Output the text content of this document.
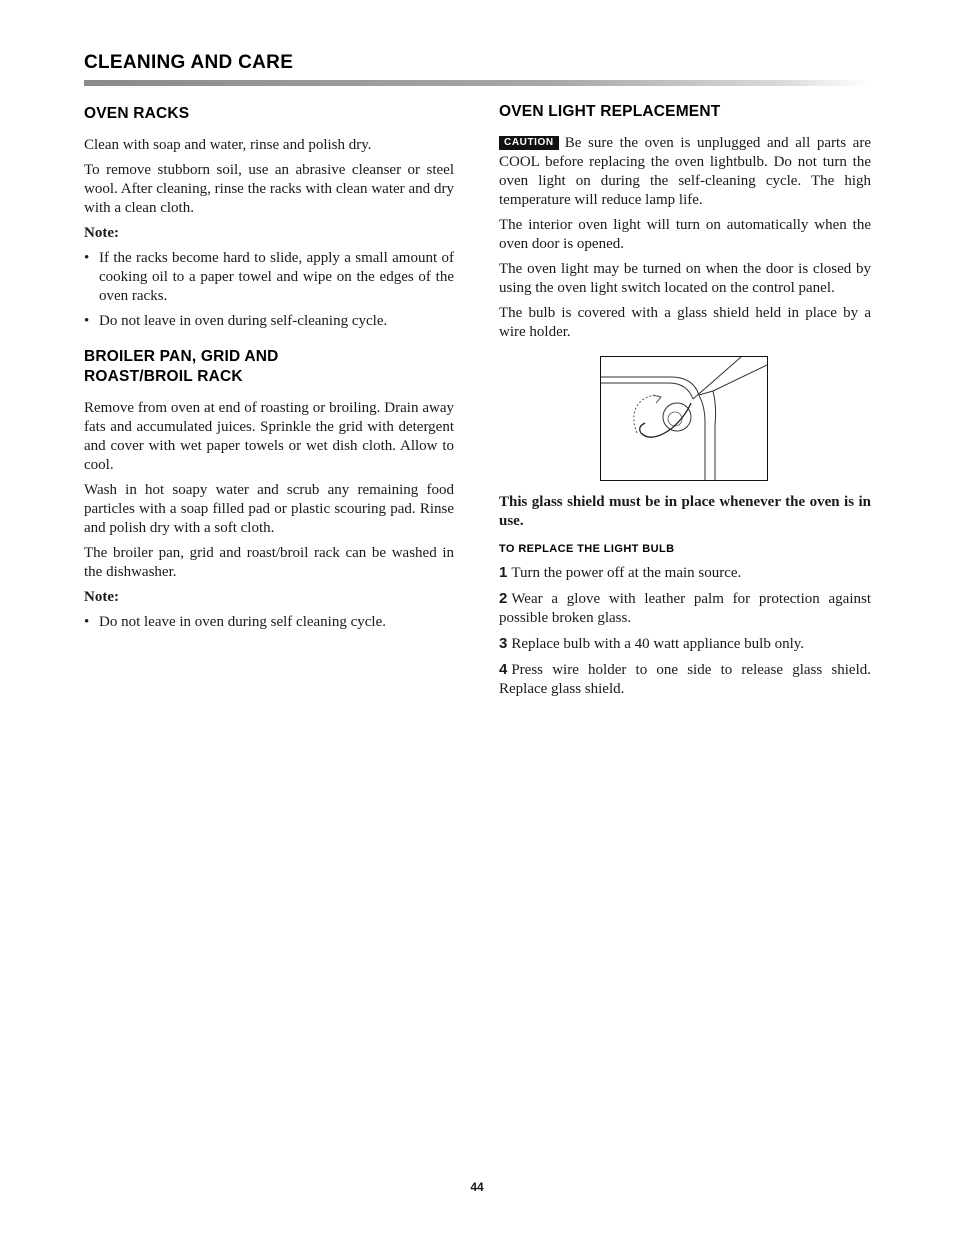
CLEANING AND CARE
OVEN RACKS

Clean with soap and water, rinse and polish dry.

To remove stubborn soil, use an abrasive cleanser or steel wool. After cleaning, rinse the racks with clean water and dry with a clean cloth.

Note:

• If the racks become hard to slide, apply a small amount of cooking oil to a paper towel and wipe on the edges of the oven racks.
• Do not leave in oven during self-cleaning cycle.
BROILER PAN, GRID AND
ROAST/BROIL RACK

Remove from oven at end of roasting or broiling. Drain away fats and accumulated juices. Sprinkle the grid with detergent and cover with wet paper towels or wet dish cloth. Allow to cool.

Wash in hot soapy water and scrub any remaining food particles with a soap filled pad or plastic scouring pad. Rinse and polish dry with a soft cloth.

The broiler pan, grid and roast/broil rack can be washed in the dishwasher.

Note:

• Do not leave in oven during self cleaning cycle.
OVEN LIGHT REPLACEMENT

CAUTION Be sure the oven is unplugged and all parts are COOL before replacing the oven lightbulb. Do not turn the oven light on during the self-cleaning cycle. The high temperature will reduce lamp life.

The interior oven light will turn on automatically when the oven door is opened.

The oven light may be turned on when the door is closed by using the oven light switch located on the control panel.

The bulb is covered with a glass shield held in place by a wire holder.

This glass shield must be in place whenever the oven is in use.

TO REPLACE THE LIGHT BULB

1 Turn the power off at the main source.

2 Wear a glove with leather palm for protection against possible broken glass.

3 Replace bulb with a 40 watt appliance bulb only.

4 Press wire holder to one side to release glass shield. Replace glass shield.

44
